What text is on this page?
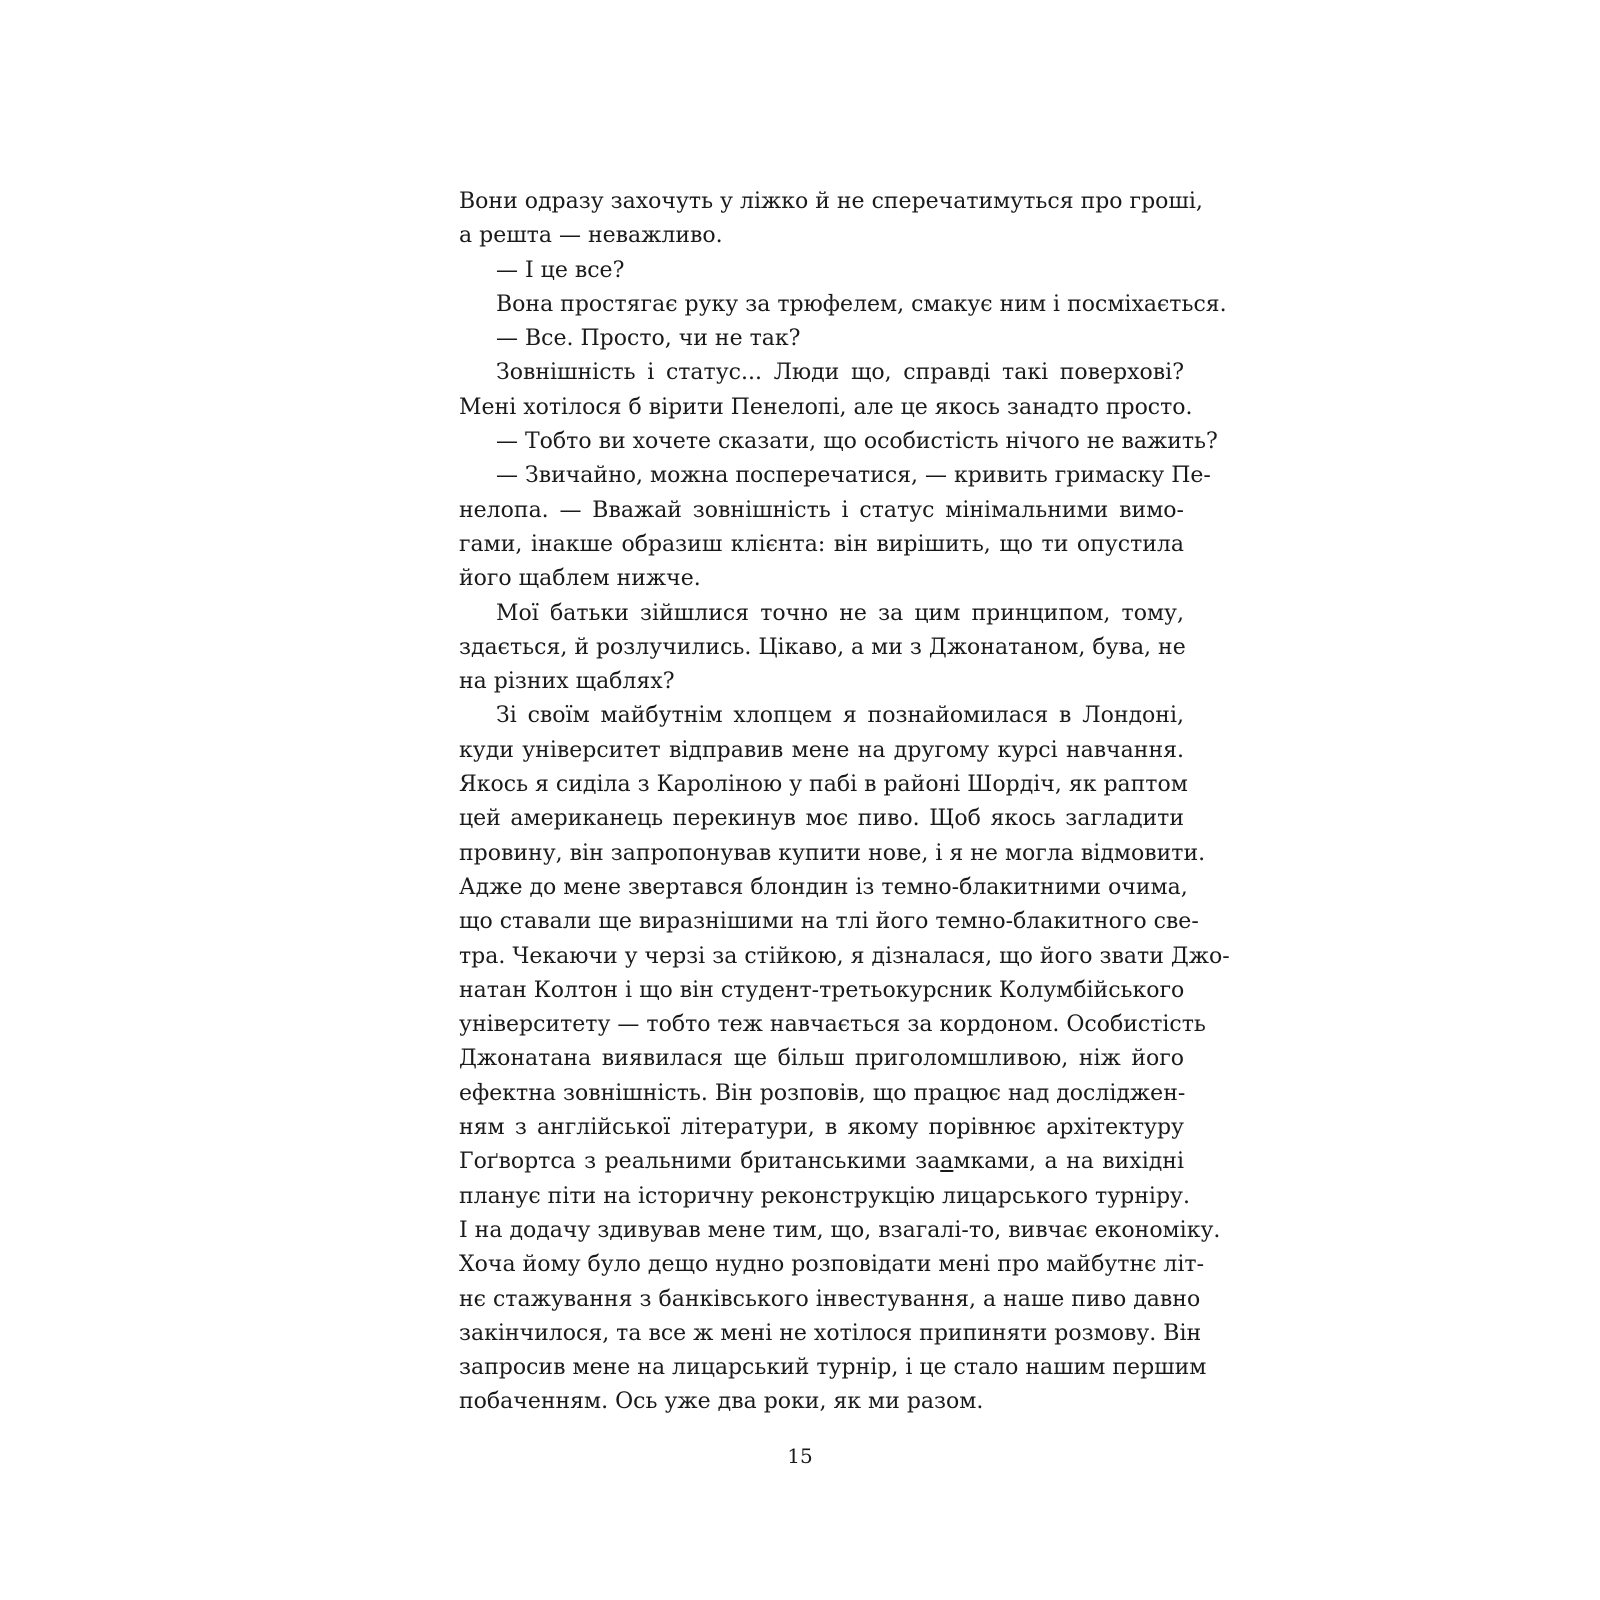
Вони одразу захочуть у ліжко й не сперечатимуться про гроші,
а решта — неважливо.
— І це все?
Вона простягає руку за трюфелем, смакує ним і посміхається.
— Все. Просто, чи не так?
Зовнішність і статус... Люди що, справді такі поверхові?
Мені хотілося б вірити Пенелопі, але це якось занадто просто.
— Тобто ви хочете сказати, що особистість нічого не важить?
— Звичайно, можна посперечатися, — кривить гримаску Пе-
нелопа. — Вважай зовнішність і статус мінімальними вимо-
гами, інакше образиш клієнта: він вирішить, що ти опустила
його щаблем нижче.
Мої батьки зійшлися точно не за цим принципом, тому,
здається, й розлучились. Цікаво, а ми з Джонатаном, бува, не
на різних щаблях?
Зі своїм майбутнім хлопцем я познайомилася в Лондоні,
куди університет відправив мене на другому курсі навчання.
Якось я сиділа з Кароліною у пабі в районі Шордіч, як раптом
цей американець перекинув моє пиво. Щоб якось загладити
провину, він запропонував купити нове, і я не могла відмовити.
Адже до мене звертався блондин із темно-блакитними очима,
що ставали ще виразнішими на тлі його темно-блакитного све-
тра. Чекаючи у черзі за стійкою, я дізналася, що його звати Джо-
натан Колтон і що він студент-третьокурсник Колумбійського
університету — тобто теж навчається за кордоном. Особистість
Джонатана виявилася ще більш приголомшливою, ніж його
ефектна зовнішність. Він розповів, що працює над досліджен-
ням з англійської літератури, в якому порівнює архітектуру
Гоґвортса з реальними британськими заамками, а на вихідні
планує піти на історичну реконструкцію лицарського турніру.
І на додачу здивував мене тим, що, взагалі-то, вивчає економіку.
Хоча йому було дещо нудно розповідати мені про майбутнє літ-
нє стажування з банківського інвестування, а наше пиво давно
закінчилося, та все ж мені не хотілося припиняти розмову. Він
запросив мене на лицарський турнір, і це стало нашим першим
побаченням. Ось уже два роки, як ми разом.
15
